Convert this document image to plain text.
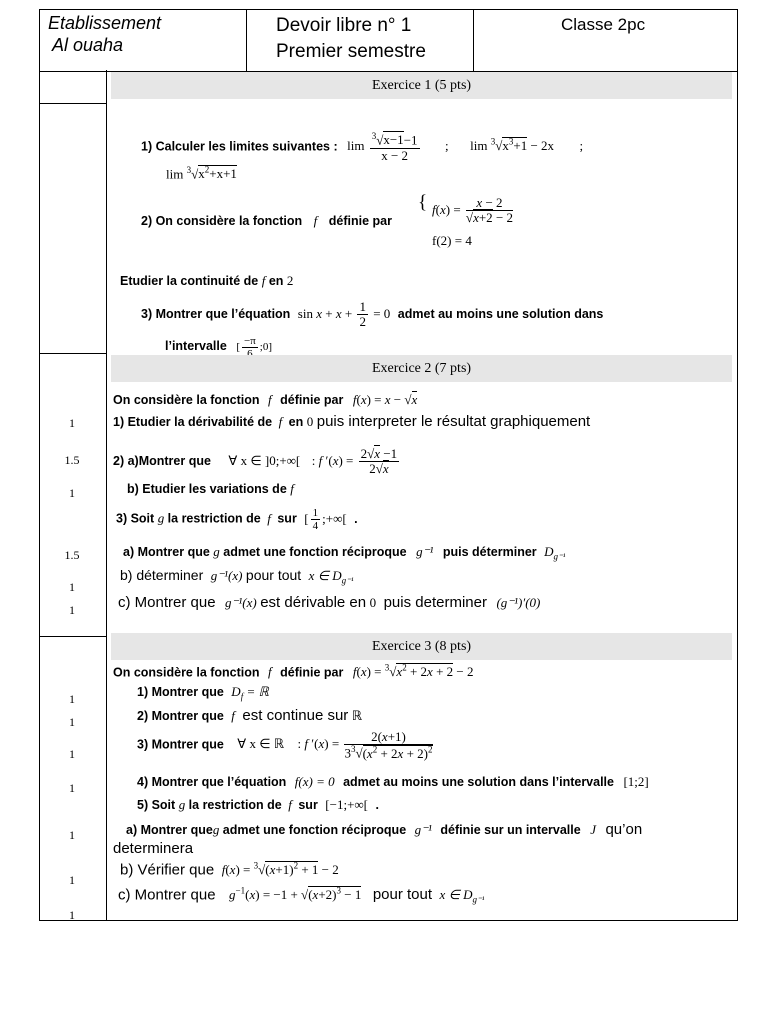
Etablissement
Al ouaha
Devoir libre n° 1
Premier semestre
Classe 2pc
Exercice 1 (5 pts)
1) Calculer les limites suivantes : $\lim \frac{^3√x-1-1}{x - 2}$ ; $\lim ^3√x^3+1 - 2x$ ;
$\lim ^3√x^2+x+1$
2) On considère la fonction f définie par
{ $f(x) = \frac{x - 2}{√x+2 - 2}$
f(2) = 4
Etudier la continuité de f en 2
3) Montrer que l’équation $\sin x + x + \frac{1}{2} = 0$ admet au moins une solution dans
l’intervalle [
−π
;0]
Exercice 2 (7 pts)
1
1.5
1
1.5
1
1
On considère la fonction f définie par f(x) = x − √x
1) Etudier la dérivabilité de f en 0 puis interpreter le résultat graphiquement
2) a)Montrer que ∀ x ∈ ]0;+∞[ : f $'(x) = \frac{2√x -1}{2√x}$
b) Etudier les variations de f
3) Soit g la restriction de f sur [ $\frac{1}{4}$ ;+∞[ .
a) Montrer que g admet une fonction réciproque g⁻¹ puis déterminer $D_{g^{-1}}$
b) déterminer g⁻¹(x) pour tout x ∈ $D_{g^{-1}}$
c) Montrer que g⁻¹(x) est dérivable en 0 puis determiner (g⁻¹)′(0)
Exercice 3 (8 pts)
1
1
1
1
1
1
1
On considère la fonction f définie par $f(x) = ^3√x^2 + 2x + 2 - 2$
1) Montrer que $D_f$ = ℝ
2) Montrer que f est continue sur ℝ
3) Montrer que ∀ x ∈ ℝ : f $'(x) = \frac{2(x+1)}{3^3√(x^2 + 2x + 2)^2}$
4) Montrer que l’équation f(x) = 0 admet au moins une solution dans l’intervalle [1;2]
5) Soit g la restriction de f sur [−1;+∞[ .
a) Montrer queg admet une fonction réciproque g⁻¹ définie sur un intervalle J qu’on
determinera
b) Vérifier que $f(x) = ^3√(x+1)^2 + 1 - 2$
c) Montrer que $g^{-1}(x) = -1 + √(x+2)^3 - 1$ pour tout x ∈ $D_{g^{-1}}$
